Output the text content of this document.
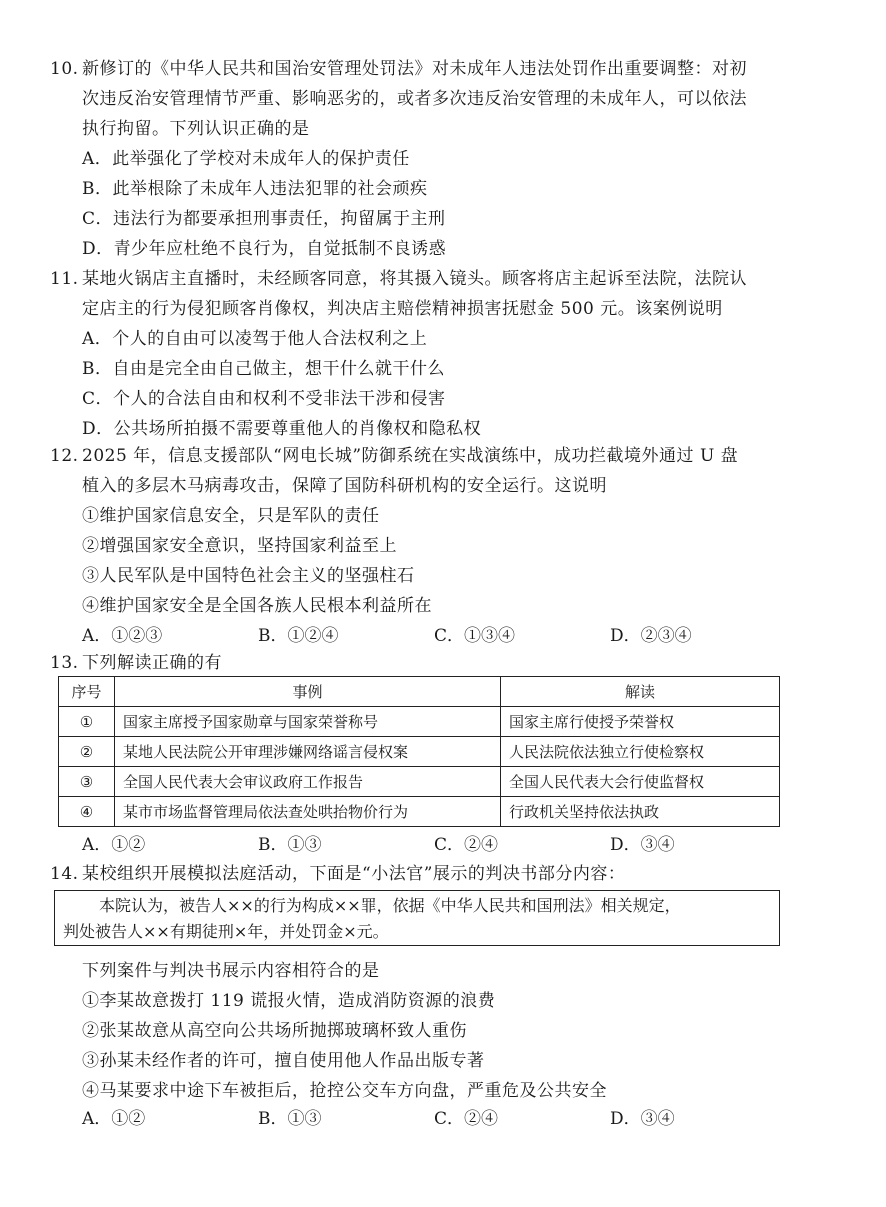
10. 新修订的《中华人民共和国治安管理处罚法》对未成年人违法处罚作出重要调整：对初
次违反治安管理情节严重、影响恶劣的，或者多次违反治安管理的未成年人，可以依法
执行拘留。下列认识正确的是
A．此举强化了学校对未成年人的保护责任
B．此举根除了未成年人违法犯罪的社会顽疾
C．违法行为都要承担刑事责任，拘留属于主刑
D．青少年应杜绝不良行为，自觉抵制不良诱惑
11. 某地火锅店主直播时，未经顾客同意，将其摄入镜头。顾客将店主起诉至法院，法院认
定店主的行为侵犯顾客肖像权，判决店主赔偿精神损害抚慰金 500 元。该案例说明
A．个人的自由可以凌驾于他人合法权利之上
B．自由是完全由自己做主，想干什么就干什么
C．个人的合法自由和权利不受非法干涉和侵害
D．公共场所拍摄不需要尊重他人的肖像权和隐私权
12. 2025 年，信息支援部队“网电长城”防御系统在实战演练中，成功拦截境外通过 U 盘
植入的多层木马病毒攻击，保障了国防科研机构的安全运行。这说明
①维护国家信息安全，只是军队的责任
②增强国家安全意识，坚持国家利益至上
③人民军队是中国特色社会主义的坚强柱石
④维护国家安全是全国各族人民根本利益所在
A．①②③	B．①②④	C．①③④	D．②③④
13. 下列解读正确的有
序号	事例	解读
①	国家主席授予国家勋章与国家荣誉称号	国家主席行使授予荣誉权
②	某地人民法院公开审理涉嫌网络谣言侵权案	人民法院依法独立行使检察权
③	全国人民代表大会审议政府工作报告	全国人民代表大会行使监督权
④	某市市场监督管理局依法查处哄抬物价行为	行政机关坚持依法执政
A．①②	B．①③	C．②④	D．③④
14. 某校组织开展模拟法庭活动，下面是“小法官”展示的判决书部分内容：
本院认为，被告人××的行为构成××罪，依据《中华人民共和国刑法》相关规定，
判处被告人××有期徒刑×年，并处罚金×元。
下列案件与判决书展示内容相符合的是
①李某故意拨打 119 谎报火情，造成消防资源的浪费
②张某故意从高空向公共场所抛掷玻璃杯致人重伤
③孙某未经作者的许可，擅自使用他人作品出版专著
④马某要求中途下车被拒后，抢控公交车方向盘，严重危及公共安全
A．①②	B．①③	C．②④	D．③④
